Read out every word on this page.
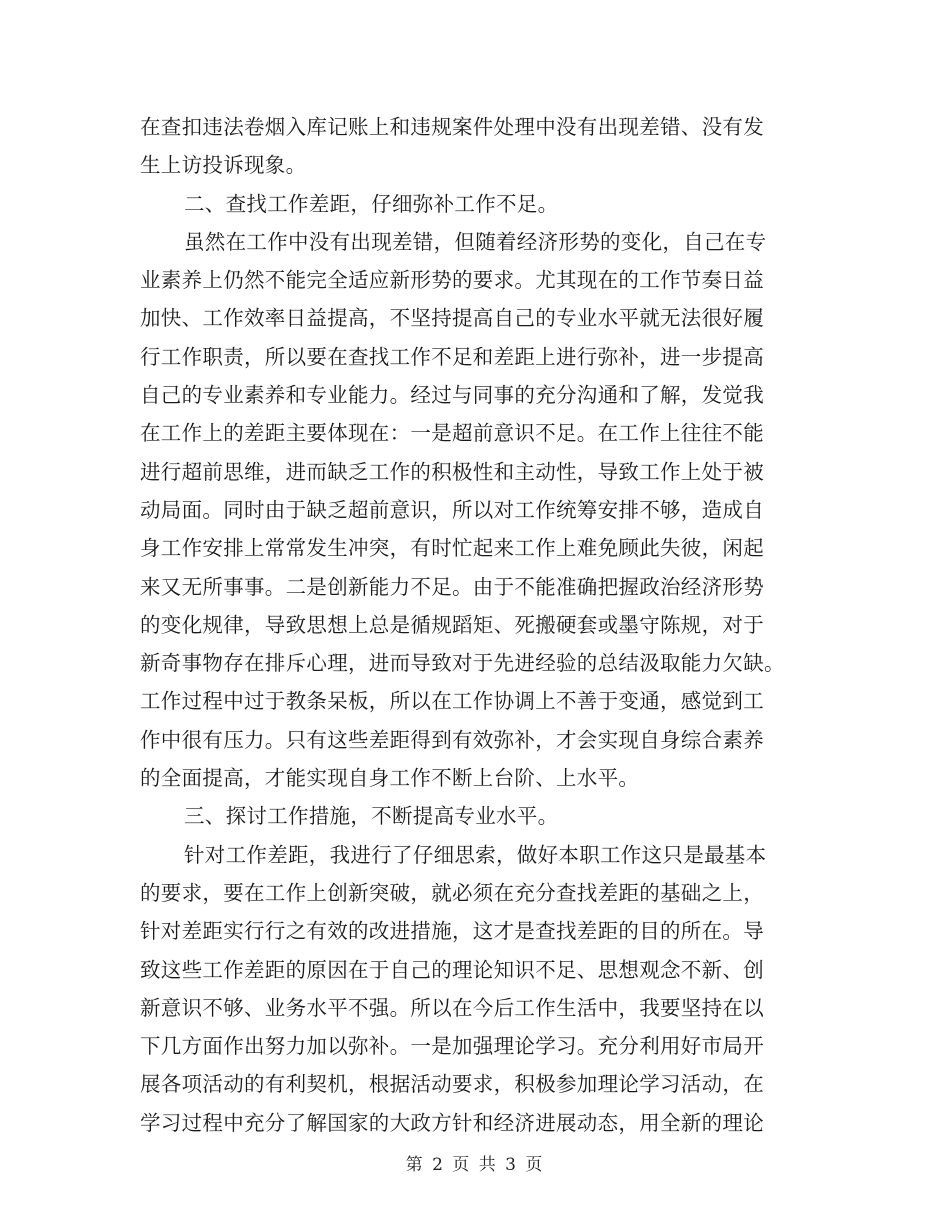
在查扣违法卷烟入库记账上和违规案件处理中没有出现差错、没有发
生上访投诉现象。
二、查找工作差距，仔细弥补工作不足。
虽然在工作中没有出现差错，但随着经济形势的变化，自己在专
业素养上仍然不能完全适应新形势的要求。尤其现在的工作节奏日益
加快、工作效率日益提高，不坚持提高自己的专业水平就无法很好履
行工作职责，所以要在查找工作不足和差距上进行弥补，进一步提高
自己的专业素养和专业能力。经过与同事的充分沟通和了解，发觉我
在工作上的差距主要体现在：一是超前意识不足。在工作上往往不能
进行超前思维，进而缺乏工作的积极性和主动性，导致工作上处于被
动局面。同时由于缺乏超前意识，所以对工作统筹安排不够，造成自
身工作安排上常常发生冲突，有时忙起来工作上难免顾此失彼，闲起
来又无所事事。二是创新能力不足。由于不能准确把握政治经济形势
的变化规律，导致思想上总是循规蹈矩、死搬硬套或墨守陈规，对于
新奇事物存在排斥心理，进而导致对于先进经验的总结汲取能力欠缺。
工作过程中过于教条呆板，所以在工作协调上不善于变通，感觉到工
作中很有压力。只有这些差距得到有效弥补，才会实现自身综合素养
的全面提高，才能实现自身工作不断上台阶、上水平。
三、探讨工作措施，不断提高专业水平。
针对工作差距，我进行了仔细思索，做好本职工作这只是最基本
的要求，要在工作上创新突破，就必须在充分查找差距的基础之上，
针对差距实行行之有效的改进措施，这才是查找差距的目的所在。导
致这些工作差距的原因在于自己的理论知识不足、思想观念不新、创
新意识不够、业务水平不强。所以在今后工作生活中，我要坚持在以
下几方面作出努力加以弥补。一是加强理论学习。充分利用好市局开
展各项活动的有利契机，根据活动要求，积极参加理论学习活动，在
学习过程中充分了解国家的大政方针和经济进展动态，用全新的理论
第 2 页 共 3 页
